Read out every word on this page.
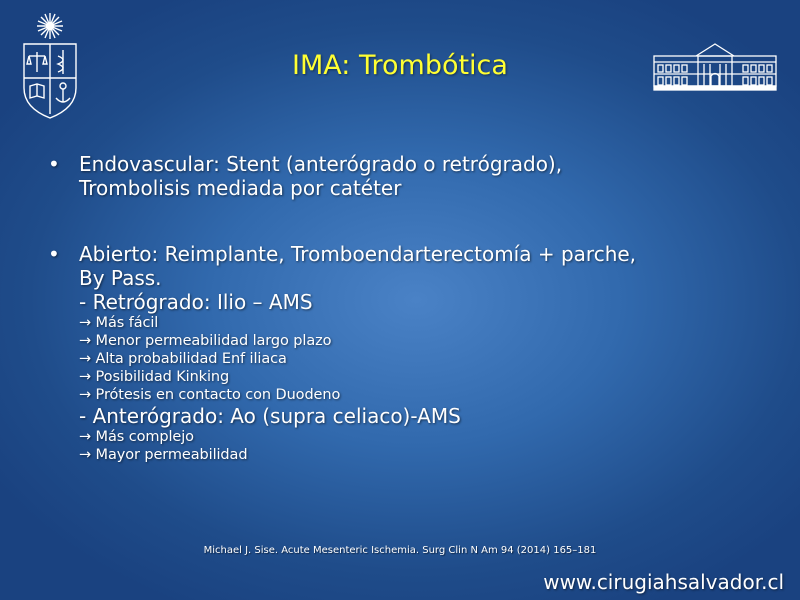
IMA: Trombótica
• Endovascular: Stent (anterógrado o retrógrado),
Trombolisis mediada por catéter
• Abierto: Reimplante, Tromboendarterectomía + parche,
By Pass.
- Retrógrado: Ilio – AMS
→ Más fácil
→ Menor permeabilidad largo plazo
→ Alta probabilidad Enf iliaca
→ Posibilidad Kinking
→ Prótesis en contacto con Duodeno
- Anterógrado: Ao (supra celiaco)-AMS
→ Más complejo
→ Mayor permeabilidad
Michael J. Sise. Acute Mesenteric Ischemia. Surg Clin N Am 94 (2014) 165–181
www.cirugiahsalvador.cl
